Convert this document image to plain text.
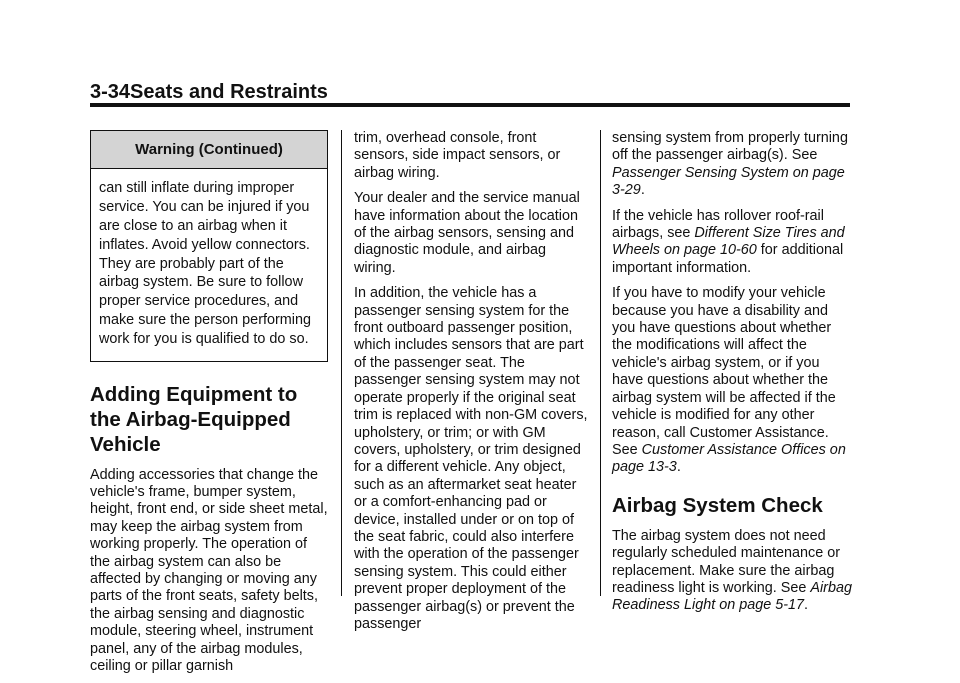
3-34Seats and Restraints
Warning (Continued)
can still inflate during improper service. You can be injured if you are close to an airbag when it inflates. Avoid yellow connectors. They are probably part of the airbag system. Be sure to follow proper service procedures, and make sure the person performing work for you is qualified to do so.
Adding Equipment to the Airbag-Equipped Vehicle

Adding accessories that change the vehicle's frame, bumper system, height, front end, or side sheet metal, may keep the airbag system from working properly. The operation of the airbag system can also be affected by changing or moving any parts of the front seats, safety belts, the airbag sensing and diagnostic module, steering wheel, instrument panel, any of the airbag modules, ceiling or pillar garnish

trim, overhead console, front sensors, side impact sensors, or airbag wiring.

Your dealer and the service manual have information about the location of the airbag sensors, sensing and diagnostic module, and airbag wiring.

In addition, the vehicle has a passenger sensing system for the front outboard passenger position, which includes sensors that are part of the passenger seat. The passenger sensing system may not operate properly if the original seat trim is replaced with non-GM covers, upholstery, or trim; or with GM covers, upholstery, or trim designed for a different vehicle. Any object, such as an aftermarket seat heater or a comfort-enhancing pad or device, installed under or on top of the seat fabric, could also interfere with the operation of the passenger sensing system. This could either prevent proper deployment of the passenger airbag(s) or prevent the passenger

sensing system from properly turning off the passenger airbag(s). See Passenger Sensing System on page 3-29.

If the vehicle has rollover roof-rail airbags, see Different Size Tires and Wheels on page 10-60 for additional important information.

If you have to modify your vehicle because you have a disability and you have questions about whether the modifications will affect the vehicle's airbag system, or if you have questions about whether the airbag system will be affected if the vehicle is modified for any other reason, call Customer Assistance. See Customer Assistance Offices on page 13-3.

Airbag System Check

The airbag system does not need regularly scheduled maintenance or replacement. Make sure the airbag readiness light is working. See Airbag Readiness Light on page 5-17.
